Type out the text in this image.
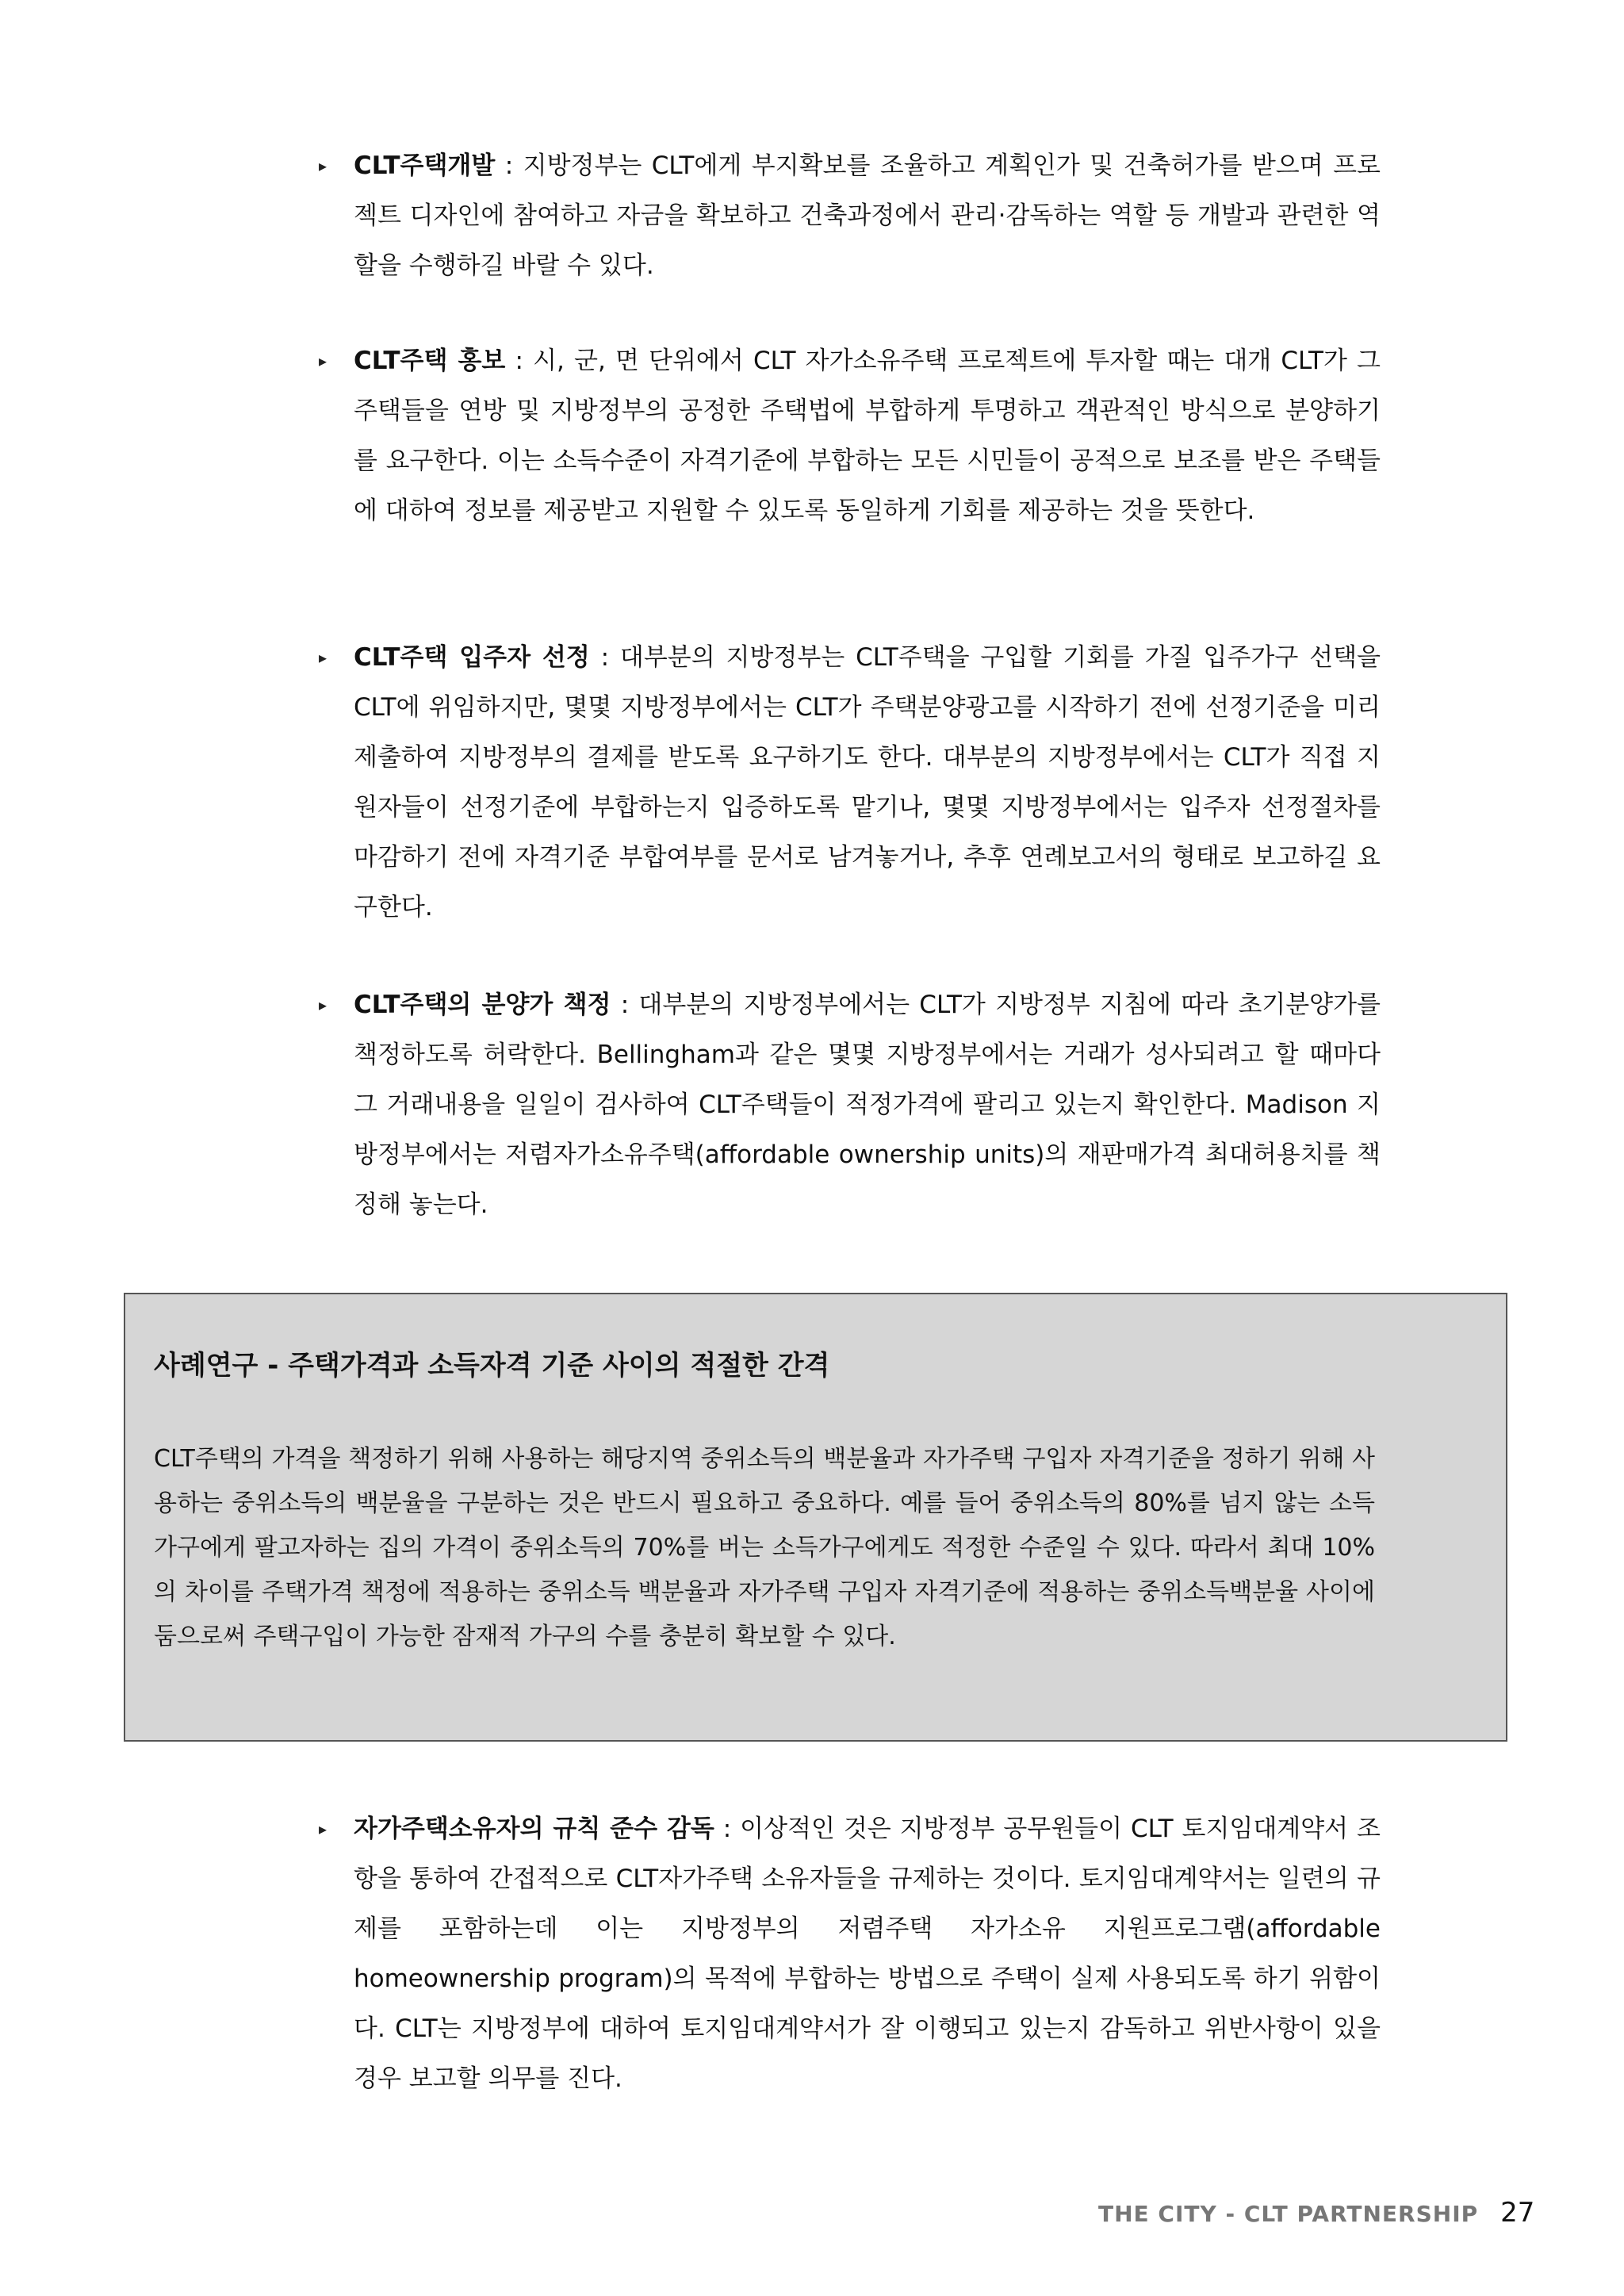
▸ CLT주택개발 : 지방정부는 CLT에게 부지확보를 조율하고 계획인가 및 건축허가를 받으며 프로젝트 디자인에 참여하고 자금을 확보하고 건축과정에서 관리·감독하는 역할 등 개발과 관련한 역할을 수행하길 바랄 수 있다.
▸ CLT주택 홍보 : 시, 군, 면 단위에서 CLT 자가소유주택 프로젝트에 투자할 때는 대개 CLT가 그 주택들을 연방 및 지방정부의 공정한 주택법에 부합하게 투명하고 객관적인 방식으로 분양하기를 요구한다. 이는 소득수준이 자격기준에 부합하는 모든 시민들이 공적으로 보조를 받은 주택들에 대하여 정보를 제공받고 지원할 수 있도록 동일하게 기회를 제공하는 것을 뜻한다.
▸ CLT주택 입주자 선정 : 대부분의 지방정부는 CLT주택을 구입할 기회를 가질 입주가구 선택을 CLT에 위임하지만, 몇몇 지방정부에서는 CLT가 주택분양광고를 시작하기 전에 선정기준을 미리 제출하여 지방정부의 결제를 받도록 요구하기도 한다. 대부분의 지방정부에서는 CLT가 직접 지원자들이 선정기준에 부합하는지 입증하도록 맡기나, 몇몇 지방정부에서는 입주자 선정절차를 마감하기 전에 자격기준 부합여부를 문서로 남겨놓거나, 추후 연례보고서의 형태로 보고하길 요구한다.
▸ CLT주택의 분양가 책정 : 대부분의 지방정부에서는 CLT가 지방정부 지침에 따라 초기분양가를 책정하도록 허락한다. Bellingham과 같은 몇몇 지방정부에서는 거래가 성사되려고 할 때마다 그 거래내용을 일일이 검사하여 CLT주택들이 적정가격에 팔리고 있는지 확인한다. Madison 지방정부에서는 저렴자가소유주택(affordable ownership units)의 재판매가격 최대허용치를 책정해 놓는다.
사례연구 - 주택가격과 소득자격 기준 사이의 적절한 간격
CLT주택의 가격을 책정하기 위해 사용하는 해당지역 중위소득의 백분율과 자가주택 구입자 자격기준을 정하기 위해 사용하는 중위소득의 백분율을 구분하는 것은 반드시 필요하고 중요하다. 예를 들어 중위소득의 80%를 넘지 않는 소득가구에게 팔고자하는 집의 가격이 중위소득의 70%를 버는 소득가구에게도 적정한 수준일 수 있다. 따라서 최대 10%의 차이를 주택가격 책정에 적용하는 중위소득 백분율과 자가주택 구입자 자격기준에 적용하는 중위소득백분율 사이에 둠으로써 주택구입이 가능한 잠재적 가구의 수를 충분히 확보할 수 있다.
▸ 자가주택소유자의 규칙 준수 감독 : 이상적인 것은 지방정부 공무원들이 CLT 토지임대계약서 조항을 통하여 간접적으로 CLT자가주택 소유자들을 규제하는 것이다. 토지임대계약서는 일련의 규제를 포함하는데 이는 지방정부의 저렴주택 자가소유 지원프로그램(affordable homeownership program)의 목적에 부합하는 방법으로 주택이 실제 사용되도록 하기 위함이다. CLT는 지방정부에 대하여 토지임대계약서가 잘 이행되고 있는지 감독하고 위반사항이 있을 경우 보고할 의무를 진다.
THE CITY - CLT PARTNERSHIP 27
